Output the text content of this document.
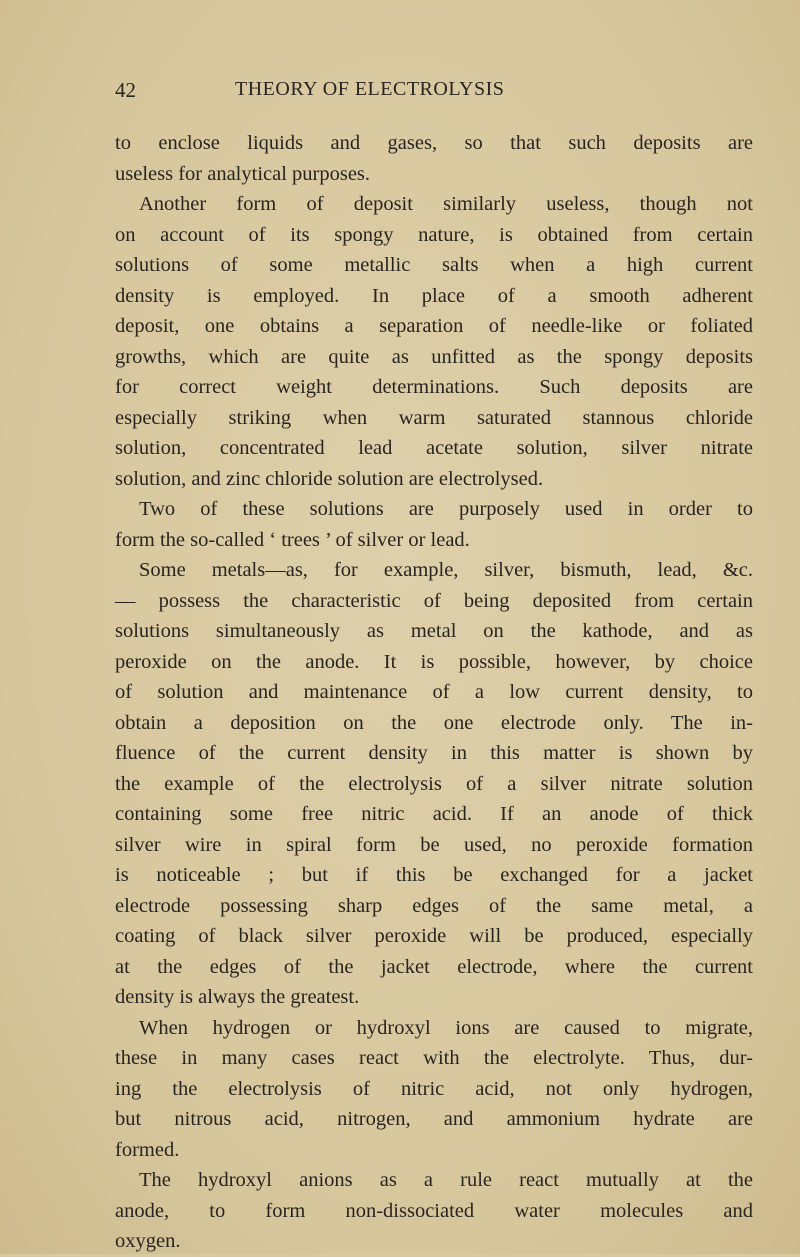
42	THEORY OF ELECTROLYSIS
to enclose liquids and gases, so that such deposits are
useless for analytical purposes.
Another form of deposit similarly useless, though not
on account of its spongy nature, is obtained from certain
solutions of some metallic salts when a high current
density is employed. In place of a smooth adherent
deposit, one obtains a separation of needle-like or foliated
growths, which are quite as unfitted as the spongy deposits
for correct weight determinations. Such deposits are
especially striking when warm saturated stannous chloride
solution, concentrated lead acetate solution, silver nitrate
solution, and zinc chloride solution are electrolysed.
Two of these solutions are purposely used in order to
form the so-called ‘ trees ’ of silver or lead.
Some metals—as, for example, silver, bismuth, lead, &c.
— possess the characteristic of being deposited from certain
solutions simultaneously as metal on the kathode, and as
peroxide on the anode. It is possible, however, by choice
of solution and maintenance of a low current density, to
obtain a deposition on the one electrode only. The in-
fluence of the current density in this matter is shown by
the example of the electrolysis of a silver nitrate solution
containing some free nitric acid. If an anode of thick
silver wire in spiral form be used, no peroxide formation
is noticeable ; but if this be exchanged for a jacket
electrode possessing sharp edges of the same metal, a
coating of black silver peroxide will be produced, especially
at the edges of the jacket electrode, where the current
density is always the greatest.
When hydrogen or hydroxyl ions are caused to migrate,
these in many cases react with the electrolyte. Thus, dur-
ing the electrolysis of nitric acid, not only hydrogen,
but nitrous acid, nitrogen, and ammonium hydrate are
formed.
The hydroxyl anions as a rule react mutually at the
anode, to form non-dissociated water molecules and
oxygen.
